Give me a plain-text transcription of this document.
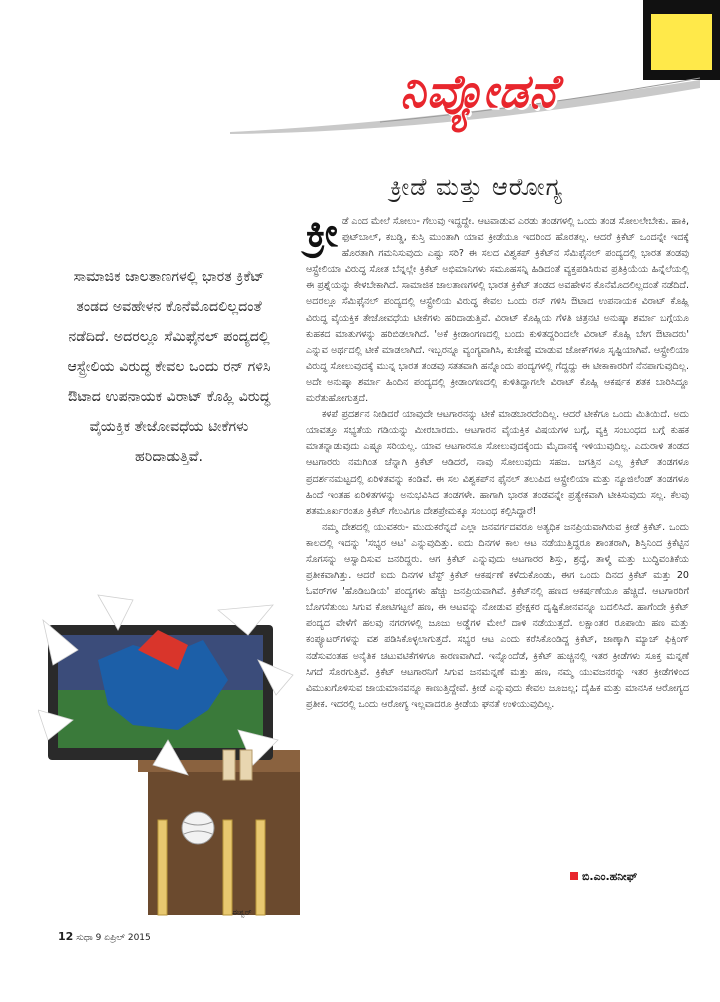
ನಿವ್ಯೋಡನೆ
ಕ್ರೀಡೆ ಮತ್ತು ಆರೋಗ್ಯ
ಸಾಮಾಜಿಕ ಜಾಲತಾಣಗಳಲ್ಲಿ ಭಾರತ ಕ್ರಿಕೆಟ್ ತಂಡದ ಅವಹೇಳನ ಕೊನೆಮೊದಲಿಲ್ಲದಂತೆ ನಡೆದಿದೆ. ಅದರಲ್ಲೂ ಸೆಮಿಫೈನಲ್ ಪಂದ್ಯದಲ್ಲಿ ಆಸ್ಟ್ರೇಲಿಯ ವಿರುದ್ಧ ಕೇವಲ ಒಂದು ರನ್ ಗಳಿಸಿ ಔಟಾದ ಉಪನಾಯಕ ವಿರಾಟ್ ಕೊಹ್ಲಿ ವಿರುದ್ಧ ವೈಯಕ್ತಿಕ ತೇಜೋವಧೆಯ ಟೀಕೆಗಳು ಹರಿದಾಡುತ್ತಿವೆ.
ಈಶ್ವರ್

ಕ್ರೀ ಡೆ ಎಂದ ಮೇಲೆ ಸೋಲು- ಗೆಲುವು ಇದ್ದದ್ದೇ. ಆಟವಾಡುವ ಎರಡು ತಂಡಗಳಲ್ಲಿ ಒಂದು ತಂಡ ಸೋಲಲೇಬೇಕು. ಹಾಕಿ, ಫುಟ್‌ಬಾಲ್, ಕಬಡ್ಡಿ, ಕುಸ್ತಿ ಮುಂತಾಗಿ ಯಾವ ಕ್ರೀಡೆಯೂ ಇದರಿಂದ ಹೊರತಲ್ಲ. ಆದರೆ ಕ್ರಿಕೆಟ್ ಒಂದನ್ನೇ ಇದಕ್ಕೆ ಹೊರತಾಗಿ ಗಮನಿಸುವುದು ಎಷ್ಟು ಸರಿ? ಈ ಸಲದ ವಿಶ್ವಕಪ್ ಕ್ರಿಕೆಟ್‌ನ ಸೆಮಿಫೈನಲ್ ಪಂದ್ಯದಲ್ಲಿ ಭಾರತ ತಂಡವು ಆಸ್ಟ್ರೇಲಿಯಾ ವಿರುದ್ಧ ಸೋತ ಬೆನ್ನಲ್ಲೇ ಕ್ರಿಕೆಟ್ ಅಭಿಮಾನಿಗಳು ಸಮೂಹಸನ್ನಿ ಹಿಡಿದಂತೆ ವ್ಯಕ್ತಪಡಿಸಿರುವ ಪ್ರತಿಕ್ರಿಯೆಯ ಹಿನ್ನೆಲೆಯಲ್ಲಿ ಈ ಪ್ರಶ್ನೆಯನ್ನು ಕೇಳಬೇಕಾಗಿದೆ. ಸಾಮಾಜಿಕ ಜಾಲತಾಣಗಳಲ್ಲಿ ಭಾರತ ಕ್ರಿಕೆಟ್ ತಂಡದ ಅವಹೇಳನ ಕೊನೆಮೊದಲಿಲ್ಲದಂತೆ ನಡೆದಿದೆ. ಅದರಲ್ಲೂ ಸೆಮಿಫೈನಲ್ ಪಂದ್ಯದಲ್ಲಿ ಆಸ್ಟ್ರೇಲಿಯ ವಿರುದ್ಧ ಕೇವಲ ಒಂದು ರನ್ ಗಳಿಸಿ ಔಟಾದ ಉಪನಾಯಕ ವಿರಾಟ್ ಕೊಹ್ಲಿ ವಿರುದ್ಧ ವೈಯಕ್ತಿಕ ತೇಜೋವಧೆಯ ಟೀಕೆಗಳು ಹರಿದಾಡುತ್ತಿವೆ. ವಿರಾಟ್ ಕೊಹ್ಲಿಯ ಗೆಳತಿ ಚಿತ್ರನಟಿ ಅನುಷ್ಕಾ ಶರ್ಮಾ ಬಗ್ಗೆಯೂ ಕುಹಕದ ಮಾತುಗಳನ್ನು ಹರಿಬಿಡಲಾಗಿದೆ. 'ಅಕೆ ಕ್ರೀಡಾಂಗಣದಲ್ಲಿ ಬಂದು ಕುಳಿತದ್ದರಿಂದಲೇ ವಿರಾಟ್ ಕೊಹ್ಲಿ ಬೇಗ ಔಟಾದರು' ಎನ್ನುವ ಅರ್ಥದಲ್ಲಿ ಟೀಕೆ ಮಾಡಲಾಗಿದೆ. ಇಬ್ಬರನ್ನೂ ವ್ಯಂಗ್ಯವಾಗಿಸಿ, ಕುಚೇಷ್ಟೆ ಮಾಡುವ ಜೋಕ್‌ಗಳೂ ಸೃಷ್ಟಿಯಾಗಿವೆ. ಆಸ್ಟ್ರೇಲಿಯಾ ವಿರುದ್ಧ ಸೋಲುವುದಕ್ಕೆ ಮುನ್ನ ಭಾರತ ತಂಡವು ಸತತವಾಗಿ ಹನ್ನೊಂದು ಪಂದ್ಯಗಳಲ್ಲಿ ಗೆದ್ದದ್ದು ಈ ಟೀಕಾಕಾರರಿಗೆ ನೆನಪಾಗುವುದಿಲ್ಲ. ಅದೇ ಅನುಷ್ಕಾ ಶರ್ಮಾ ಹಿಂದಿನ ಪಂದ್ಯದಲ್ಲಿ ಕ್ರೀಡಾಂಗಣದಲ್ಲಿ ಕುಳಿತಿದ್ದಾಗಲೇ ವಿರಾಟ್ ಕೊಹ್ಲಿ ಆಕರ್ಷಕ ಶತಕ ಬಾರಿಸಿದ್ದೂ ಮರೆತುಹೋಗುತ್ತದೆ.

ಕಳಪೆ ಪ್ರದರ್ಶನ ನೀಡಿದರೆ ಯಾವುದೇ ಆಟಗಾರನನ್ನು ಟೀಕೆ ಮಾಡಬಾರದೆಂದಿಲ್ಲ. ಆದರೆ ಟೀಕೆಗೂ ಒಂದು ಮಿತಿಯಿದೆ. ಅದು ಯಾವತ್ತೂ ಸಭ್ಯತೆಯ ಗಡಿಯನ್ನು ಮೀರಬಾರದು. ಆಟಗಾರನ ವೈಯಕ್ತಿಕ ವಿಷಯಗಳ ಬಗ್ಗೆ, ವ್ಯಕ್ತಿ ಸಂಬಂಧದ ಬಗ್ಗೆ ಕುಹಕ ಮಾತನ್ನಾಡುವುದು ಎಷ್ಟೂ ಸರಿಯಲ್ಲ. ಯಾವ ಆಟಗಾರನೂ ಸೋಲುವುದಕ್ಕೆಂದು ಮೈದಾನಕ್ಕೆ ಇಳಿಯುವುದಿಲ್ಲ. ಎದುರಾಳಿ ತಂಡದ ಆಟಗಾರರು ನಮಗಿಂತ ಚೆನ್ನಾಗಿ ಕ್ರಿಕೆಟ್ ಆಡಿದರೆ, ನಾವು ಸೋಲುವುದು ಸಹಜ. ಜಗತ್ತಿನ ಎಲ್ಲ ಕ್ರಿಕೆಟ್ ತಂಡಗಳೂ ಪ್ರದರ್ಶನಮಟ್ಟದಲ್ಲಿ ಏರಿಳಿತವನ್ನು ಕಂಡಿವೆ. ಈ ಸಲ ವಿಶ್ವಕಪ್‌ನ ಫೈನಲ್ ತಲುಪಿದ ಆಸ್ಟ್ರೇಲಿಯಾ ಮತ್ತು ನ್ಯೂಜಿಲೆಂಡ್ ತಂಡಗಳೂ ಹಿಂದೆ ಇಂತಹ ಏರಿಳಿತಗಳನ್ನು ಅನುಭವಿಸಿದ ತಂಡಗಳೇ. ಹಾಗಾಗಿ ಭಾರತ ತಂಡವನ್ನೇ ಪ್ರತ್ಯೇಕವಾಗಿ ಟೀಕಿಸುವುದು ಸಲ್ಲ. ಕೆಲವು ಶತಮೂರ್ಖರಂತೂ ಕ್ರಿಕೆಟ್ ಗೆಲುವಿಗೂ ದೇಶಪ್ರೇಮಕ್ಕೂ ಸಂಬಂಧ ಕಲ್ಪಿಸಿದ್ದಾರೆ!

ನಮ್ಮ ದೇಶದಲ್ಲಿ ಯುವಕರು- ಮುದುಕರೆನ್ನದೆ ಎಲ್ಲಾ ಜನವರ್ಗದವರೂ ಅತ್ಯಧಿಕ ಜನಪ್ರಿಯವಾಗಿರುವ ಕ್ರೀಡೆ ಕ್ರಿಕೆಟ್. ಒಂದು ಕಾಲದಲ್ಲಿ ಇದನ್ನು 'ಸಭ್ಯರ ಆಟ' ಎನ್ನುವುದಿತ್ತು. ಐದು ದಿನಗಳ ಕಾಲ ಆಟ ನಡೆಯುತ್ತಿದ್ದರೂ ಶಾಂತರಾಗಿ, ಶಿಸ್ತಿನಿಂದ ಕ್ರಿಕೆಟ್ಟಿನ ಸೊಗಸನ್ನು ಆಸ್ವಾದಿಸುವ ಜನರಿದ್ದರು. ಆಗ ಕ್ರಿಕೆಟ್ ಎನ್ನುವುದು ಆಟಗಾರರ ಶಿಸ್ತು, ಶ್ರದ್ಧೆ, ತಾಳ್ಮೆ ಮತ್ತು ಬುದ್ಧಿವಂತಿಕೆಯ ಪ್ರತೀಕವಾಗಿತ್ತು. ಆದರೆ ಐದು ದಿನಗಳ ಟೆಸ್ಟ್ ಕ್ರಿಕೆಟ್ ಆಕರ್ಷಣೆ ಕಳೆದುಕೊಂಡು, ಈಗ ಒಂದು ದಿನದ ಕ್ರಿಕೆಟ್ ಮತ್ತು 20 ಓವರ್‌ಗಳ 'ಹೊಡಿಬಡಿಯ' ಪಂದ್ಯಗಳು ಹೆಚ್ಚು ಜನಪ್ರಿಯವಾಗಿವೆ. ಕ್ರಿಕೆಟ್‌ನಲ್ಲಿ ಹಣದ ಆಕರ್ಷಣೆಯೂ ಹೆಚ್ಚಿದೆ. ಆಟಗಾರರಿಗೆ ಬೊಗಸೆತುಂಬ ಸಿಗುವ ಕೋಟಿಗಟ್ಟಲೆ ಹಣ, ಈ ಆಟವನ್ನು ನೋಡುವ ಪ್ರೇಕ್ಷಕರ ದೃಷ್ಟಿಕೋನವನ್ನೂ ಬದಲಿಸಿದೆ. ಹಾಗೆಂದೇ ಕ್ರಿಕೆಟ್ ಪಂದ್ಯದ ವೇಳೆಗೆ ಹಲವು ನಗರಗಳಲ್ಲಿ ಜೂಜು ಅಡ್ಡೆಗಳ ಮೇಲೆ ದಾಳಿ ನಡೆಯುತ್ತದೆ. ಲಕ್ಷಾಂತರ ರೂಪಾಯಿ ಹಣ ಮತ್ತು ಕಂಪ್ಯೂಟರ್‌ಗಳನ್ನು ವಶ ಪಡಿಸಿಕೊಳ್ಳಲಾಗುತ್ತದೆ. ಸಭ್ಯರ ಆಟ ಎಂದು ಕರೆಸಿಕೊಂಡಿದ್ದ ಕ್ರಿಕೆಟ್, ಜಾಣ್ಕಾಗಿ ಮ್ಯಾಚ್ ಫಿಕ್ಸಿಂಗ್ ನಡೆಸುವಂತಹ ಅನೈತಿಕ ಚಟುವಟಿಕೆಗಳಿಗೂ ಕಾರಣವಾಗಿದೆ. ಇನ್ನೊಂದೆಡೆ, ಕ್ರಿಕೆಟ್ ಹುಚ್ಚಿನಲ್ಲಿ ಇತರ ಕ್ರೀಡೆಗಳು ಸೂಕ್ತ ಮನ್ನಣೆ ಸಿಗದೆ ಸೊರಗುತ್ತಿವೆ. ಕ್ರಿಕೆಟ್ ಆಟಗಾರನಿಗೆ ಸಿಗುವ ಜನಮನ್ನಣೆ ಮತ್ತು ಹಣ, ನಮ್ಮ ಯುವಜನರನ್ನು ಇತರ ಕ್ರೀಡೆಗಳಿಂದ ವಿಮುಖಗೊಳಿಸುವ ಜಾಯಮಾನವನ್ನೂ ಕಾಣುತ್ತಿದ್ದೇವೆ. ಕ್ರೀಡೆ ಎನ್ನುವುದು ಕೇವಲ ಜೂಜಲ್ಲ; ದೈಹಿಕ ಮತ್ತು ಮಾನಸಿಕ ಆರೋಗ್ಯದ ಪ್ರತೀಕ. ಇದರಲ್ಲಿ ಒಂದು ಆರೋಗ್ಯ ಇಲ್ಲವಾದರೂ ಕ್ರೀಡೆಯ ಘನತೆ ಉಳಿಯುವುದಿಲ್ಲ.

ಬಿ.ಎಂ.ಹನೀಫ್
12 ಸುಧಾ 9 ಏಪ್ರಿಲ್ 2015
